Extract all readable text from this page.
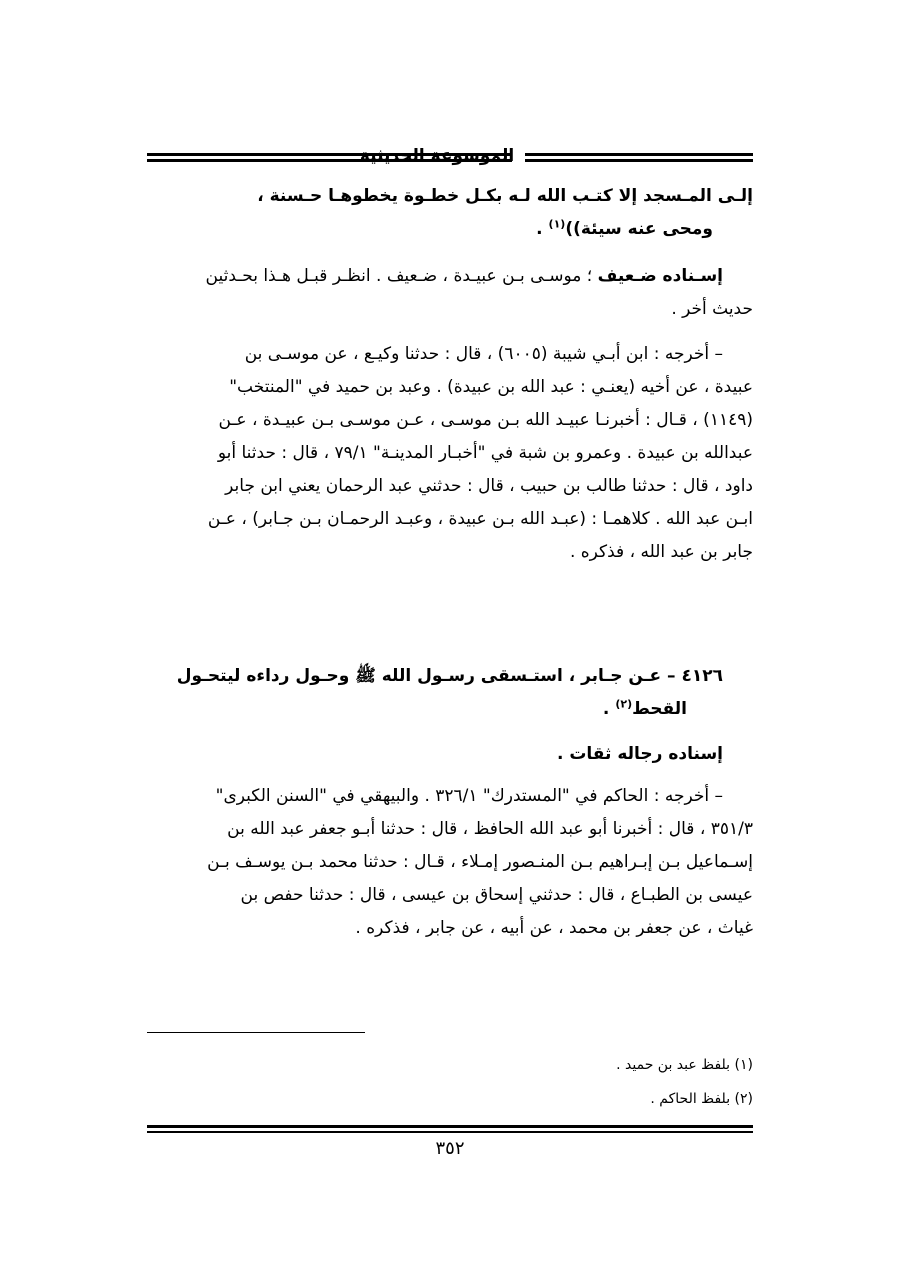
الموسوعة الحديثية
إلـى المـسجد إلا كتـب الله لـه بكـل خطـوة يخطوهـا حـسنة ،
ومحى عنه سيئة))$^{(١)}$ .
إسـناده ضـعيف ؛ موسـى بـن عبيـدة ، ضـعيف . انظـر قبـل هـذا بحـدثين
حديث أخر .
– أخرجه : ابن أبـي شيبة (٦٠٠٥) ، قال : حدثنا وكيـع ، عن موسـى بن
عبيدة ، عن أخيه (يعنـي : عبد الله بن عبيدة) . وعبد بن حميد في "المنتخب"
(١١٤٩) ، قـال : أخبرنـا عبيـد الله بـن موسـى ، عـن موسـى بـن عبيـدة ، عـن
عبدالله بن عبيدة . وعمرو بن شبة في "أخبـار المدينـة" ٧٩/١ ، قال : حدثنا أبو
داود ، قال : حدثنا طالب بن حبيب ، قال : حدثني عبد الرحمان يعني ابن جابر
ابـن عبد الله . كلاهمـا : (عبـد الله بـن عبيدة ، وعبـد الرحمـان بـن جـابر) ، عـن
جابر بن عبد الله ، فذكره .
٤١٢٦ – عـن جـابر ، استـسقى رسـول الله ﷺ وحـول رداءه ليتحـول
القحط$^{(٢)}$ .
إسناده رجاله ثقات .
– أخرجه : الحاكم في "المستدرك" ٣٢٦/١ . والبيهقي في "السنن الكبرى"
٣٥١/٣ ، قال : أخبرنا أبو عبد الله الحافظ ، قال : حدثنا أبـو جعفر عبد الله بن
إسـماعيل بـن إبـراهيم بـن المنـصور إمـلاء ، قـال : حدثنا محمد بـن يوسـف بـن
عيسى بن الطبـاع ، قال : حدثني إسحاق بن عيسى ، قال : حدثنا حفص بن
غياث ، عن جعفر بن محمد ، عن أبيه ، عن جابر ، فذكره .
(١) بلفظ عبد بن حميد .
(٢) بلفظ الحاكم .
٣٥٢
